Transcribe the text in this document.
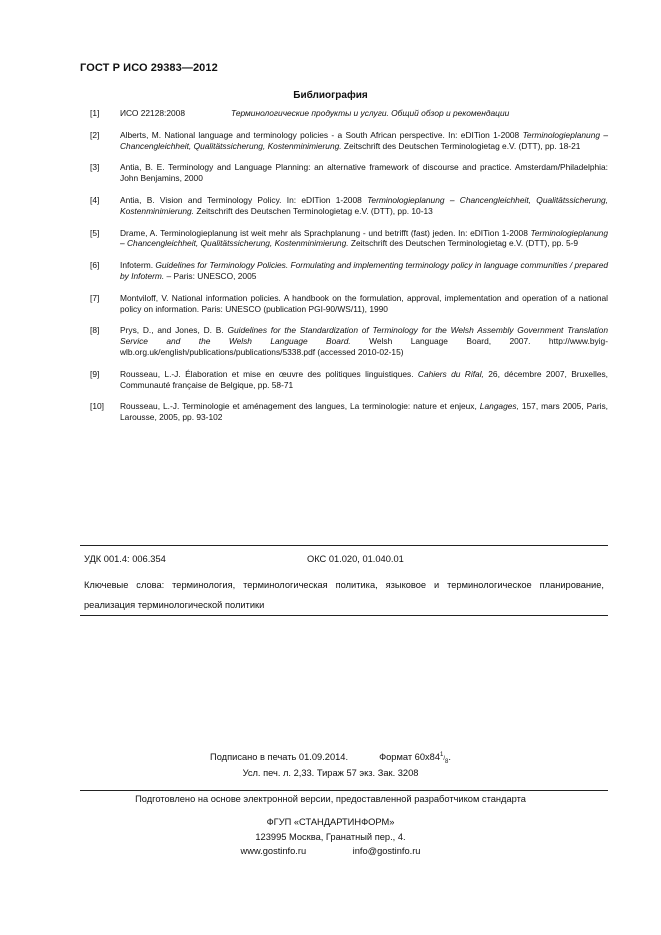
ГОСТ Р ИСО 29383—2012
Библиография
[1]	ИСО 22128:2008	Терминологические продукты и услуги. Общий обзор и рекомендации
[2]	Alberts, M. National language and terminology policies - a South African perspective. In: eDITion 1-2008 Terminologieplanung – Chancengleichheit, Qualitätssicherung, Kostenminimierung. Zeitschrift des Deutschen Terminologietag e.V. (DTT), pp. 18-21
[3]	Antia, B. E. Terminology and Language Planning: an alternative framework of discourse and practice. Amsterdam/Philadelphia: John Benjamins, 2000
[4]	Antia, B. Vision and Terminology Policy. In: eDITion 1-2008 Terminologieplanung – Chancengleichheit, Qualitätssicherung, Kostenminimierung. Zeitschrift des Deutschen Terminologietag e.V. (DTT), pp. 10-13
[5]	Drame, A. Terminologieplanung ist weit mehr als Sprachplanung - und betrifft (fast) jeden. In: eDITion 1-2008 Terminologieplanung – Chancengleichheit, Qualitätssicherung, Kostenminimierung. Zeitschrift des Deutschen Terminologietag e.V. (DTT), pp. 5-9
[6]	Infoterm. Guidelines for Terminology Policies. Formulating and implementing terminology policy in language communities / prepared by Infoterm. – Paris: UNESCO, 2005
[7]	Montviloff, V. National information policies. A handbook on the formulation, approval, implementation and operation of a national policy on information. Paris: UNESCO (publication PGI-90/WS/11), 1990
[8]	Prys, D., and Jones, D. B. Guidelines for the Standardization of Terminology for the Welsh Assembly Government Translation Service and the Welsh Language Board. Welsh Language Board, 2007. http://www.byig-wlb.org.uk/english/publications/publications/5338.pdf (accessed 2010-02-15)
[9]	Rousseau, L.-J. Élaboration et mise en œuvre des politiques linguistiques. Cahiers du Rifal, 26, décembre 2007, Bruxelles, Communauté française de Belgique, pp. 58-71
[10]	Rousseau, L.-J. Terminologie et aménagement des langues, La terminologie: nature et enjeux, Langages, 157, mars 2005, Paris, Larousse, 2005, pp. 93-102
УДК 001.4: 006.354	ОКС 01.020, 01.040.01
Ключевые слова: терминология, терминологическая политика, языковое и терминологическое планирование, реализация терминологической политики
Подписано в печать 01.09.2014.	Формат $60х84^1/_8$.
Усл. печ. л. 2,33. Тираж 57 экз. Зак. 3208
Подготовлено на основе электронной версии, предоставленной разработчиком стандарта
ФГУП «СТАНДАРТИНФОРМ»
123995 Москва, Гранатный пер., 4.
www.gostinfo.ru	info@gostinfo.ru
